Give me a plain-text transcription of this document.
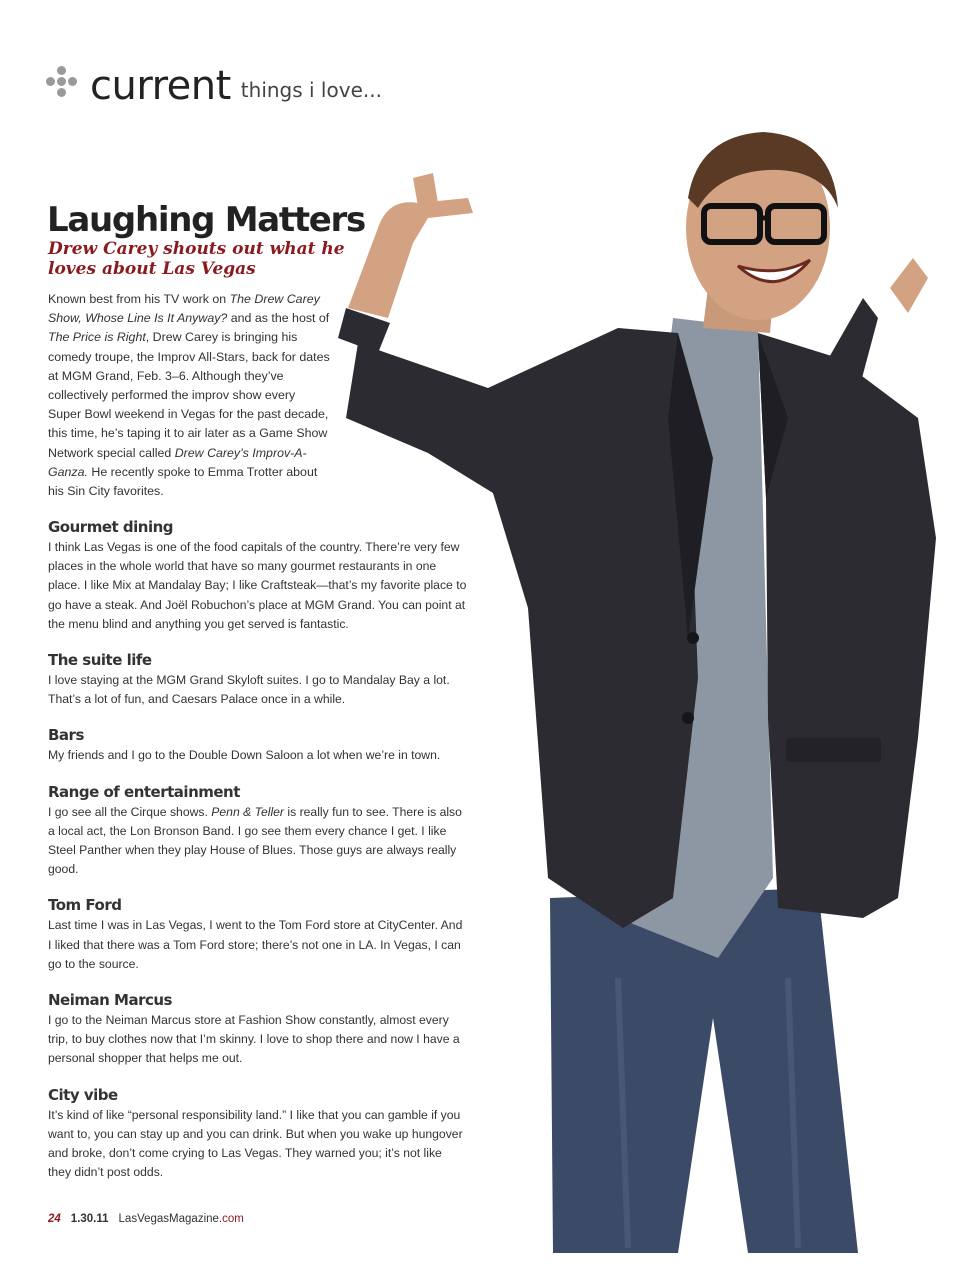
current things i love...
Laughing Matters
Drew Carey shouts out what he loves about Las Vegas

Known best from his TV work on The Drew Carey Show, Whose Line Is It Anyway? and as the host of The Price is Right, Drew Carey is bringing his comedy troupe, the Improv All-Stars, back for dates at MGM Grand, Feb. 3–6. Although they’ve collectively performed the improv show every Super Bowl weekend in Vegas for the past decade, this time, he’s taping it to air later as a Game Show Network special called Drew Carey’s Improv-A-Ganza. He recently spoke to Emma Trotter about his Sin City favorites.

Gourmet dining

I think Las Vegas is one of the food capitals of the country. There’re very few places in the whole world that have so many gourmet restaurants in one place. I like Mix at Mandalay Bay; I like Craftsteak—that’s my favorite place to go have a steak. And Joël Robuchon’s place at MGM Grand. You can point at the menu blind and anything you get served is fantastic.

The suite life

I love staying at the MGM Grand Skyloft suites. I go to Mandalay Bay a lot. That’s a lot of fun, and Caesars Palace once in a while.

Bars

My friends and I go to the Double Down Saloon a lot when we’re in town.

Range of entertainment

I go see all the Cirque shows. Penn & Teller is really fun to see. There is also a local act, the Lon Bronson Band. I go see them every chance I get. I like Steel Panther when they play House of Blues. Those guys are always really good.

Tom Ford

Last time I was in Las Vegas, I went to the Tom Ford store at CityCenter. And I liked that there was a Tom Ford store; there’s not one in LA. In Vegas, I can go to the source.

Neiman Marcus

I go to the Neiman Marcus store at Fashion Show constantly, almost every trip, to buy clothes now that I’m skinny. I love to shop there and now I have a personal shopper that helps me out.

City vibe

It’s kind of like “personal responsibility land.” I like that you can gamble if you want to, you can stay up and you can drink. But when you wake up hungover and broke, don’t come crying to Las Vegas. They warned you; it’s not like they didn’t post odds.

24 1.30.11 LasVegasMagazine.com
